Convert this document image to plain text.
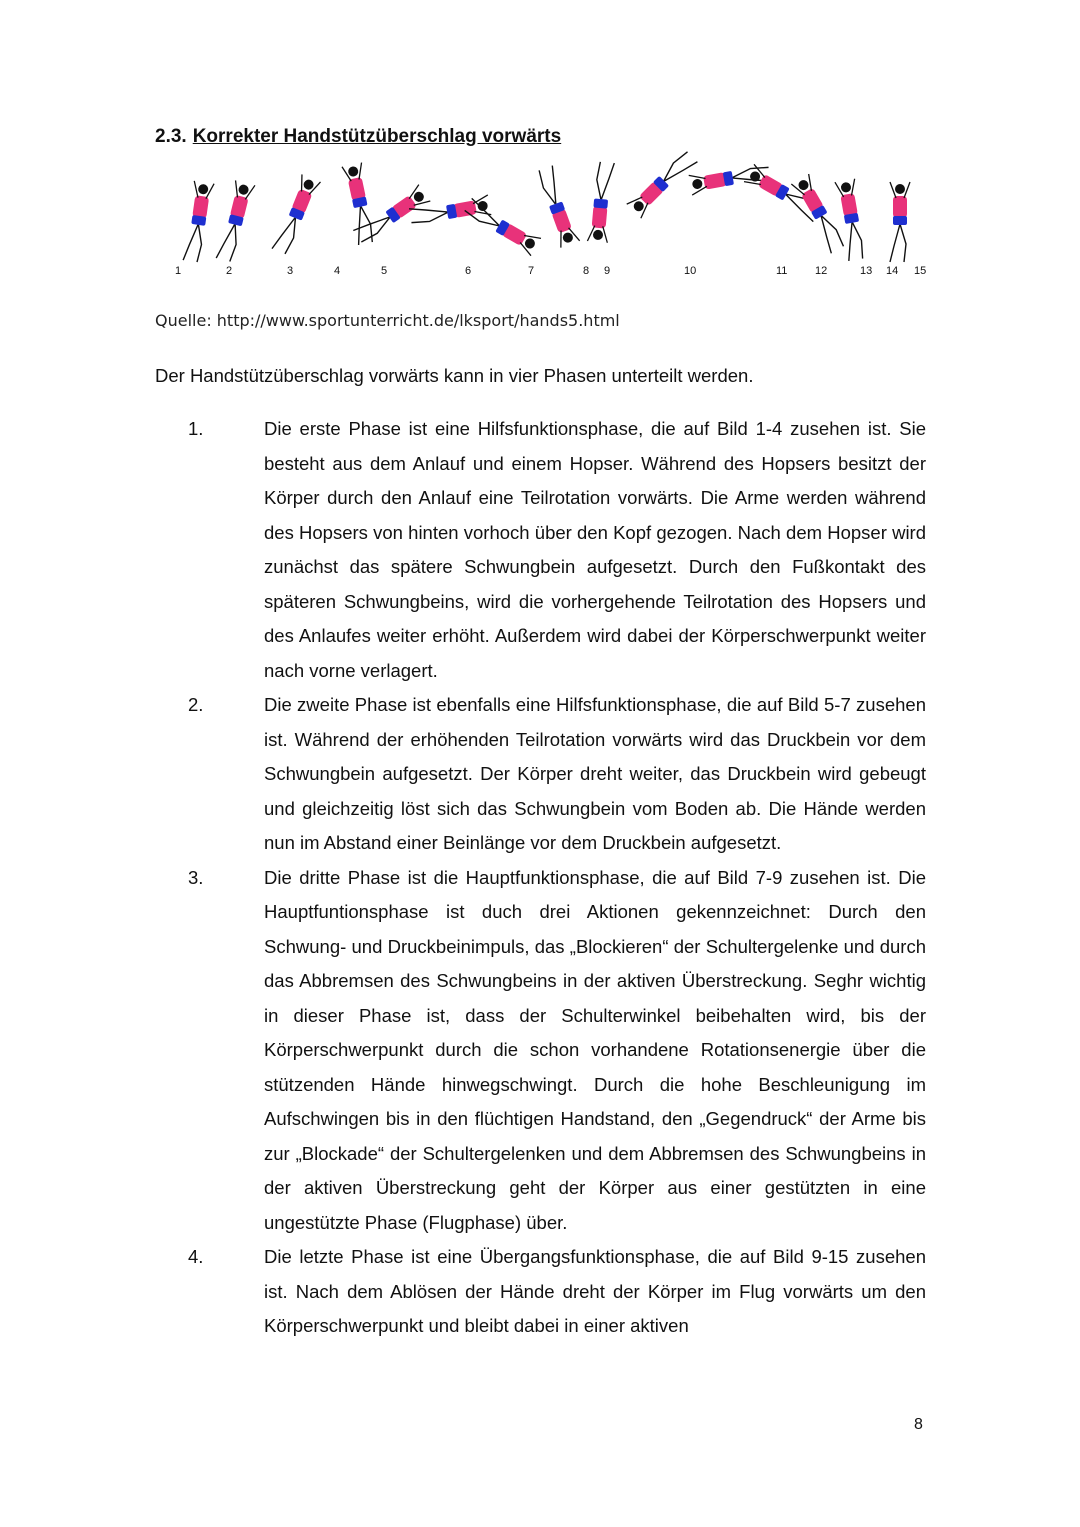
2.3. Korrekter Handstützüberschlag vorwärts
1	2	3	4	5	6	7	8 9	10	11	12	13 14 15

Quelle: http://www.sportunterricht.de/lksport/hands5.html

Der Handstützüberschlag vorwärts kann in vier Phasen unterteilt werden.

1.	Die erste Phase ist eine Hilfsfunktionsphase, die auf Bild 1-4 zusehen ist. Sie besteht aus dem Anlauf und einem Hopser. Während des Hopsers besitzt der Körper durch den Anlauf eine Teilrotation vorwärts. Die Arme werden während des Hopsers von hinten vorhoch über den Kopf gezogen. Nach dem Hopser wird zunächst das spätere Schwungbein aufgesetzt. Durch den Fußkontakt des späteren Schwungbeins, wird die vorhergehende Teilrotation des Hopsers und des Anlaufes weiter erhöht. Außerdem wird dabei der Körperschwerpunkt weiter nach vorne verlagert.

2.	Die zweite Phase ist ebenfalls eine Hilfsfunktionsphase, die auf Bild 5-7 zusehen ist. Während der erhöhenden Teilrotation vorwärts wird das Druckbein vor dem Schwungbein aufgesetzt. Der Körper dreht weiter, das Druckbein wird gebeugt und gleichzeitig löst sich das Schwungbein vom Boden ab. Die Hände werden nun im Abstand einer Beinlänge vor dem Druckbein aufgesetzt.

3.	Die dritte Phase ist die Hauptfunktionsphase, die auf Bild 7-9 zusehen ist. Die Hauptfuntionsphase ist duch drei Aktionen gekennzeichnet: Durch den Schwung- und Druckbeinimpuls, das „Blockieren“ der Schultergelenke und durch das Abbremsen des Schwungbeins in der aktiven Überstreckung. Seghr wichtig in dieser Phase ist, dass der Schulterwinkel beibehalten wird, bis der Körperschwerpunkt durch die schon vorhandene Rotationsenergie über die stützenden Hände hinwegschwingt. Durch die hohe Beschleunigung im Aufschwingen bis in den flüchtigen Handstand, den „Gegendruck“ der Arme bis zur „Blockade“ der Schultergelenken und dem Abbremsen des Schwungbeins in der aktiven Überstreckung geht der Körper aus einer gestützten in eine ungestützte Phase (Flugphase) über.

4.	Die letzte Phase ist eine Übergangsfunktionsphase, die auf Bild 9-15 zusehen ist. Nach dem Ablösen der Hände dreht der Körper im Flug vorwärts um den Körperschwerpunkt und bleibt dabei in einer aktiven

8
